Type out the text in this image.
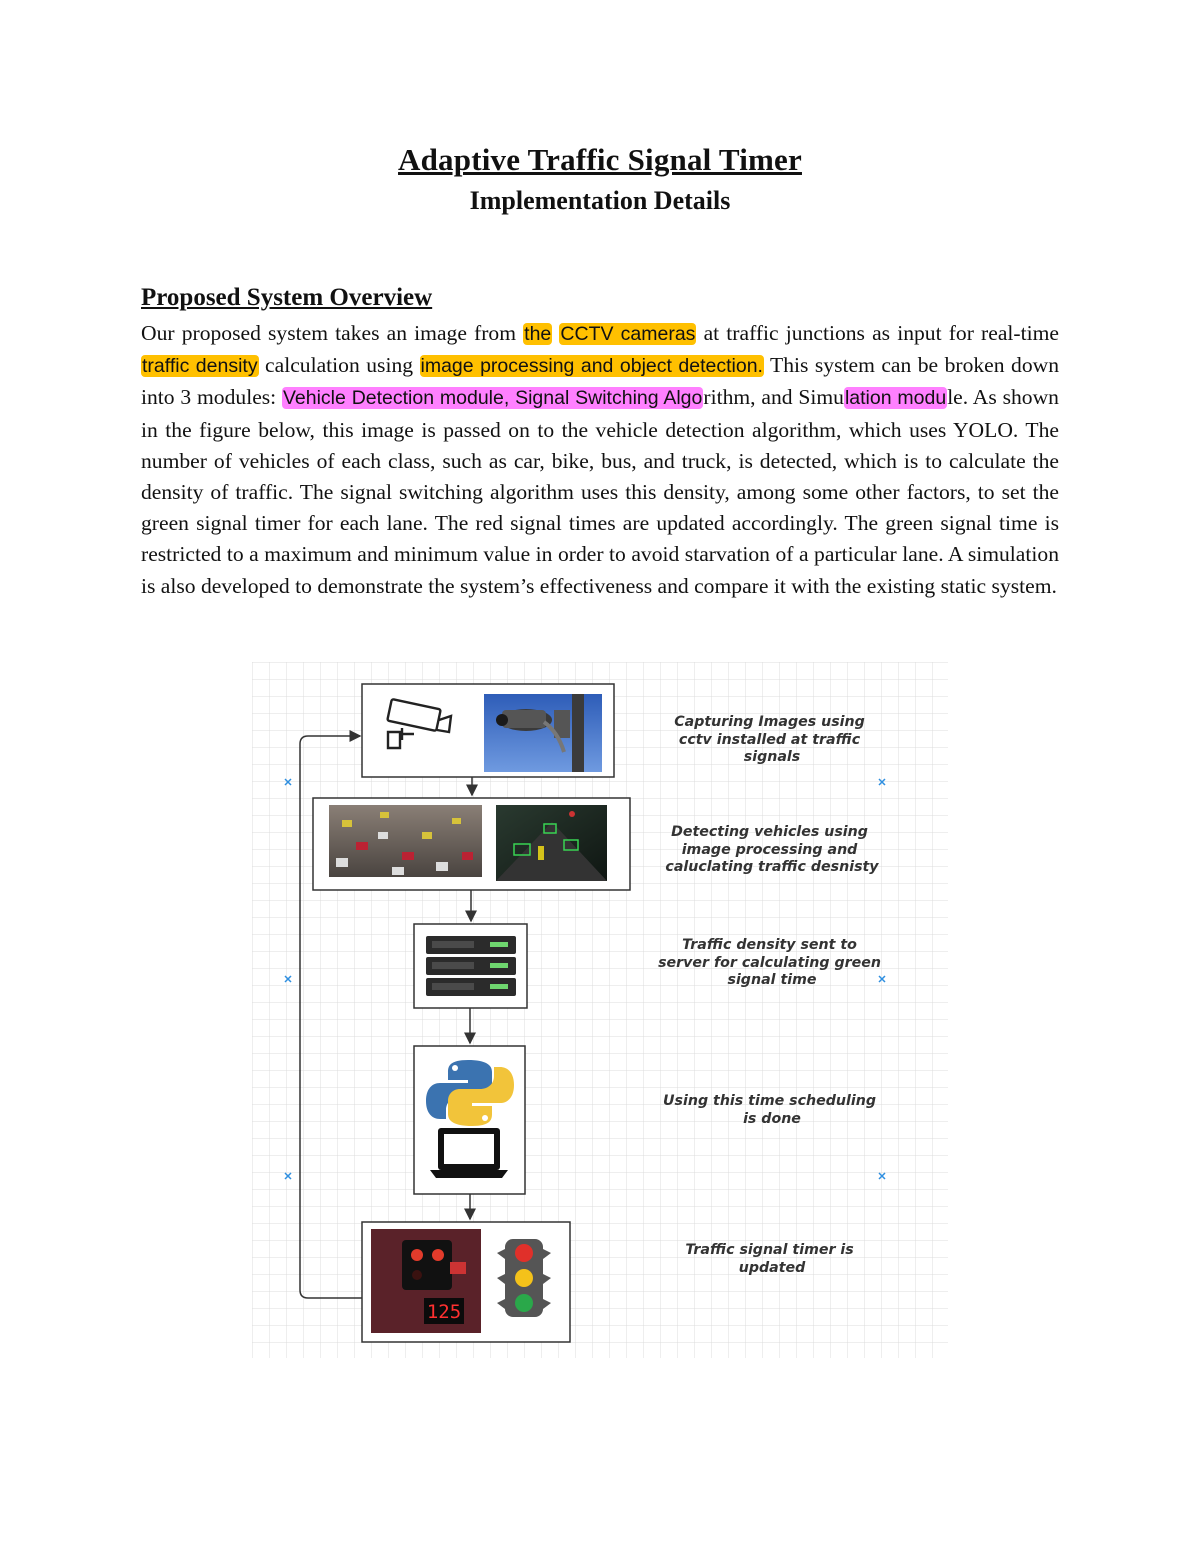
Adaptive Traffic Signal Timer
Implementation Details
Proposed System Overview
Our proposed system takes an image from the CCTV cameras at traffic junctions as input for real-time traffic density calculation using image processing and object detection. This system can be broken down into 3 modules: Vehicle Detection module, Signal Switching Algorithm, and Simulation module. As shown in the figure below, this image is passed on to the vehicle detection algorithm, which uses YOLO. The number of vehicles of each class, such as car, bike, bus, and truck, is detected, which is to calculate the density of traffic. The signal switching algorithm uses this density, among some other factors, to set the green signal timer for each lane. The red signal times are updated accordingly. The green signal time is restricted to a maximum and minimum value in order to avoid starvation of a particular lane. A simulation is also developed to demonstrate the system’s effectiveness and compare it with the existing static system.
Capturing Images using cctv installed at traffic signals
Detecting vehicles using image processing and caluclating traffic desnisty
Traffic density sent to server for calculating green signal time
Using this time scheduling is done
125
Traffic signal timer is updated
